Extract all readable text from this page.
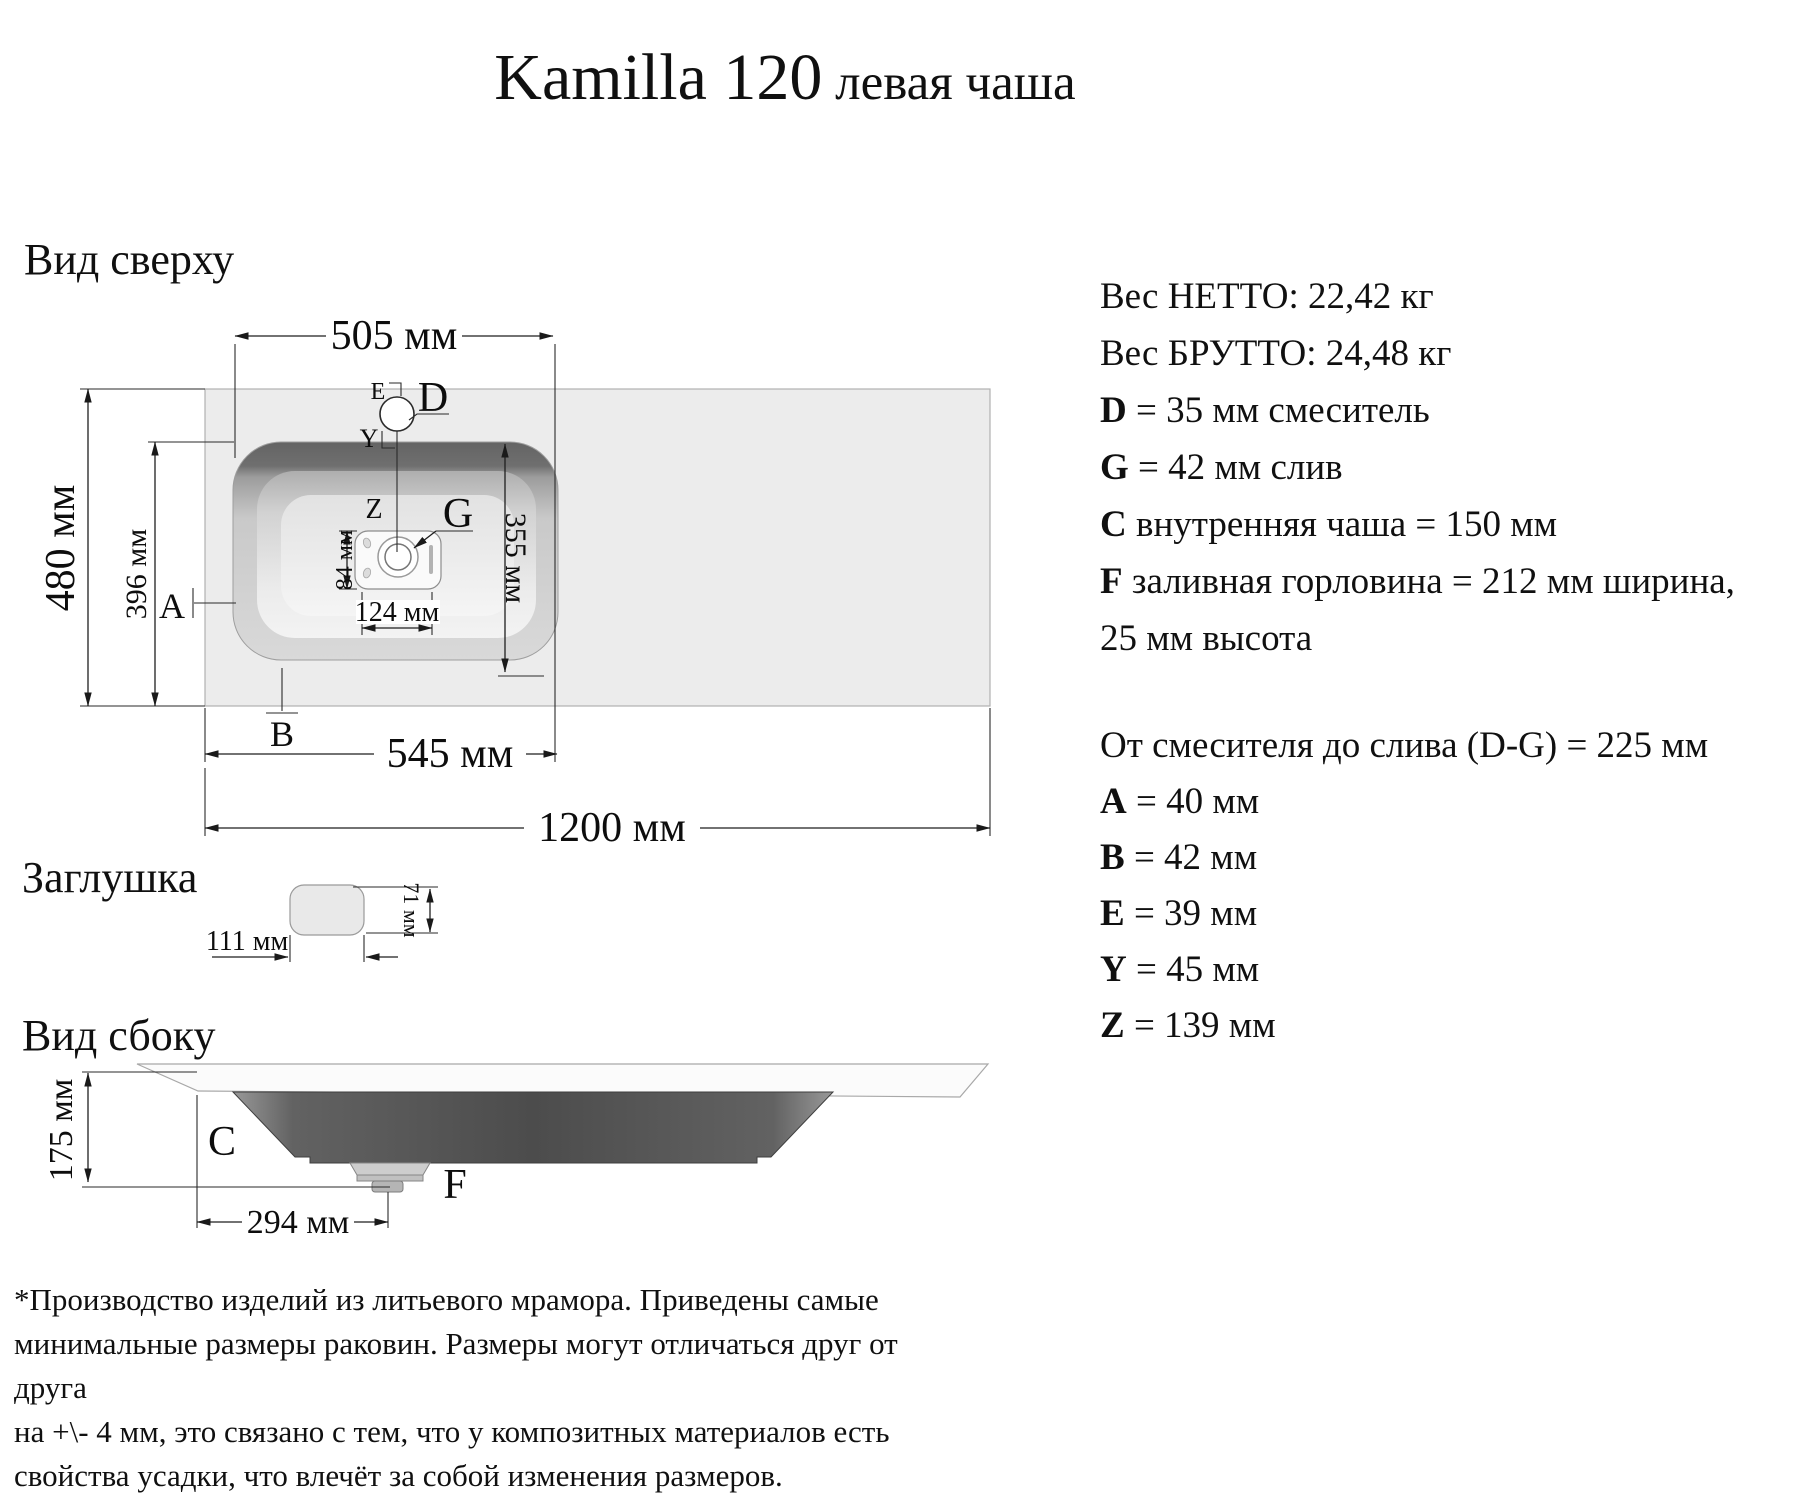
Kamilla 120 левая чаша
Вид сверху
Заглушка
Вид сбоку
Вес НЕТТО: 22,42 кг
Вес БРУТТО: 24,48 кг
D = 35 мм смеситель
G = 42 мм слив
C внутренняя чаша = 150 мм
F заливная горловина = 212 мм ширина,
25 мм высота
От смесителя до слива (D-G) = 225 мм
A = 40 мм
B = 42 мм
E = 39 мм
Y = 45 мм
Z = 139 мм
505 мм
545 мм
1200 мм
480 мм 396 мм	355 мм
84 мм
124 мм
A
B
D
E
G
Y
Z
111 мм
71 мм
294 мм
175 мм	C
F
*Производство изделий из литьевого мрамора. Приведены самые
минимальные размеры раковин. Размеры могут отличаться друг от друга
на +\- 4 мм, это связано с тем, что у композитных материалов есть
свойства усадки, что влечёт за собой изменения размеров.
